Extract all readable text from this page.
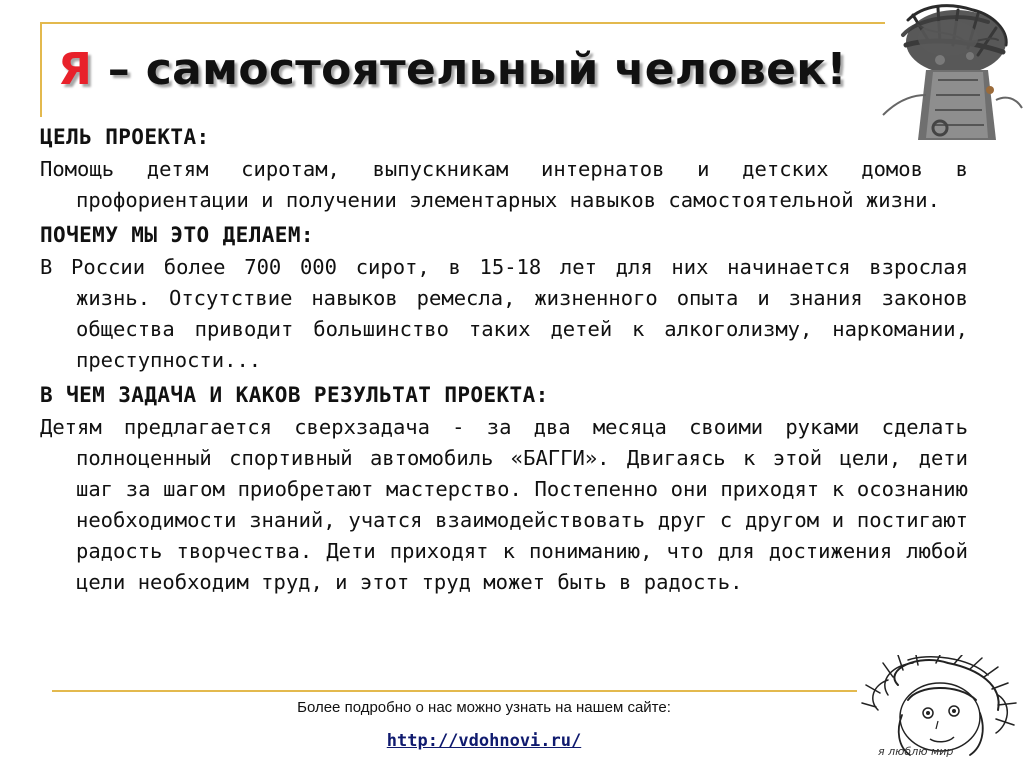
Я – самостоятельный человек!

ЦЕЛЬ ПРОЕКТА:

Помощь детям сиротам, выпускникам интернатов и детских домов в профориентации и получении элементарных навыков самостоятельной жизни.

ПОЧЕМУ МЫ ЭТО ДЕЛАЕМ:

В России более 700 000 сирот, в 15-18 лет для них начинается взрослая жизнь. Отсутствие навыков ремесла, жизненного опыта и знания законов общества приводит большинство таких детей к алкоголизму, наркомании, преступности...

В ЧЕМ ЗАДАЧА И КАКОВ РЕЗУЛЬТАТ ПРОЕКТА:

Детям предлагается сверхзадача - за два месяца своими руками сделать полноценный спортивный автомобиль «БАГГИ». Двигаясь к этой цели, дети шаг за шагом приобретают мастерство. Постепенно они приходят к осознанию необходимости знаний, учатся взаимодействовать друг с другом и постигают радость творчества. Дети приходят к пониманию, что для достижения любой цели необходим труд, и этот труд может быть в радость.

Более подробно о нас можно узнать на нашем сайте:
http://vdohnovi.ru/
я люблю мир
